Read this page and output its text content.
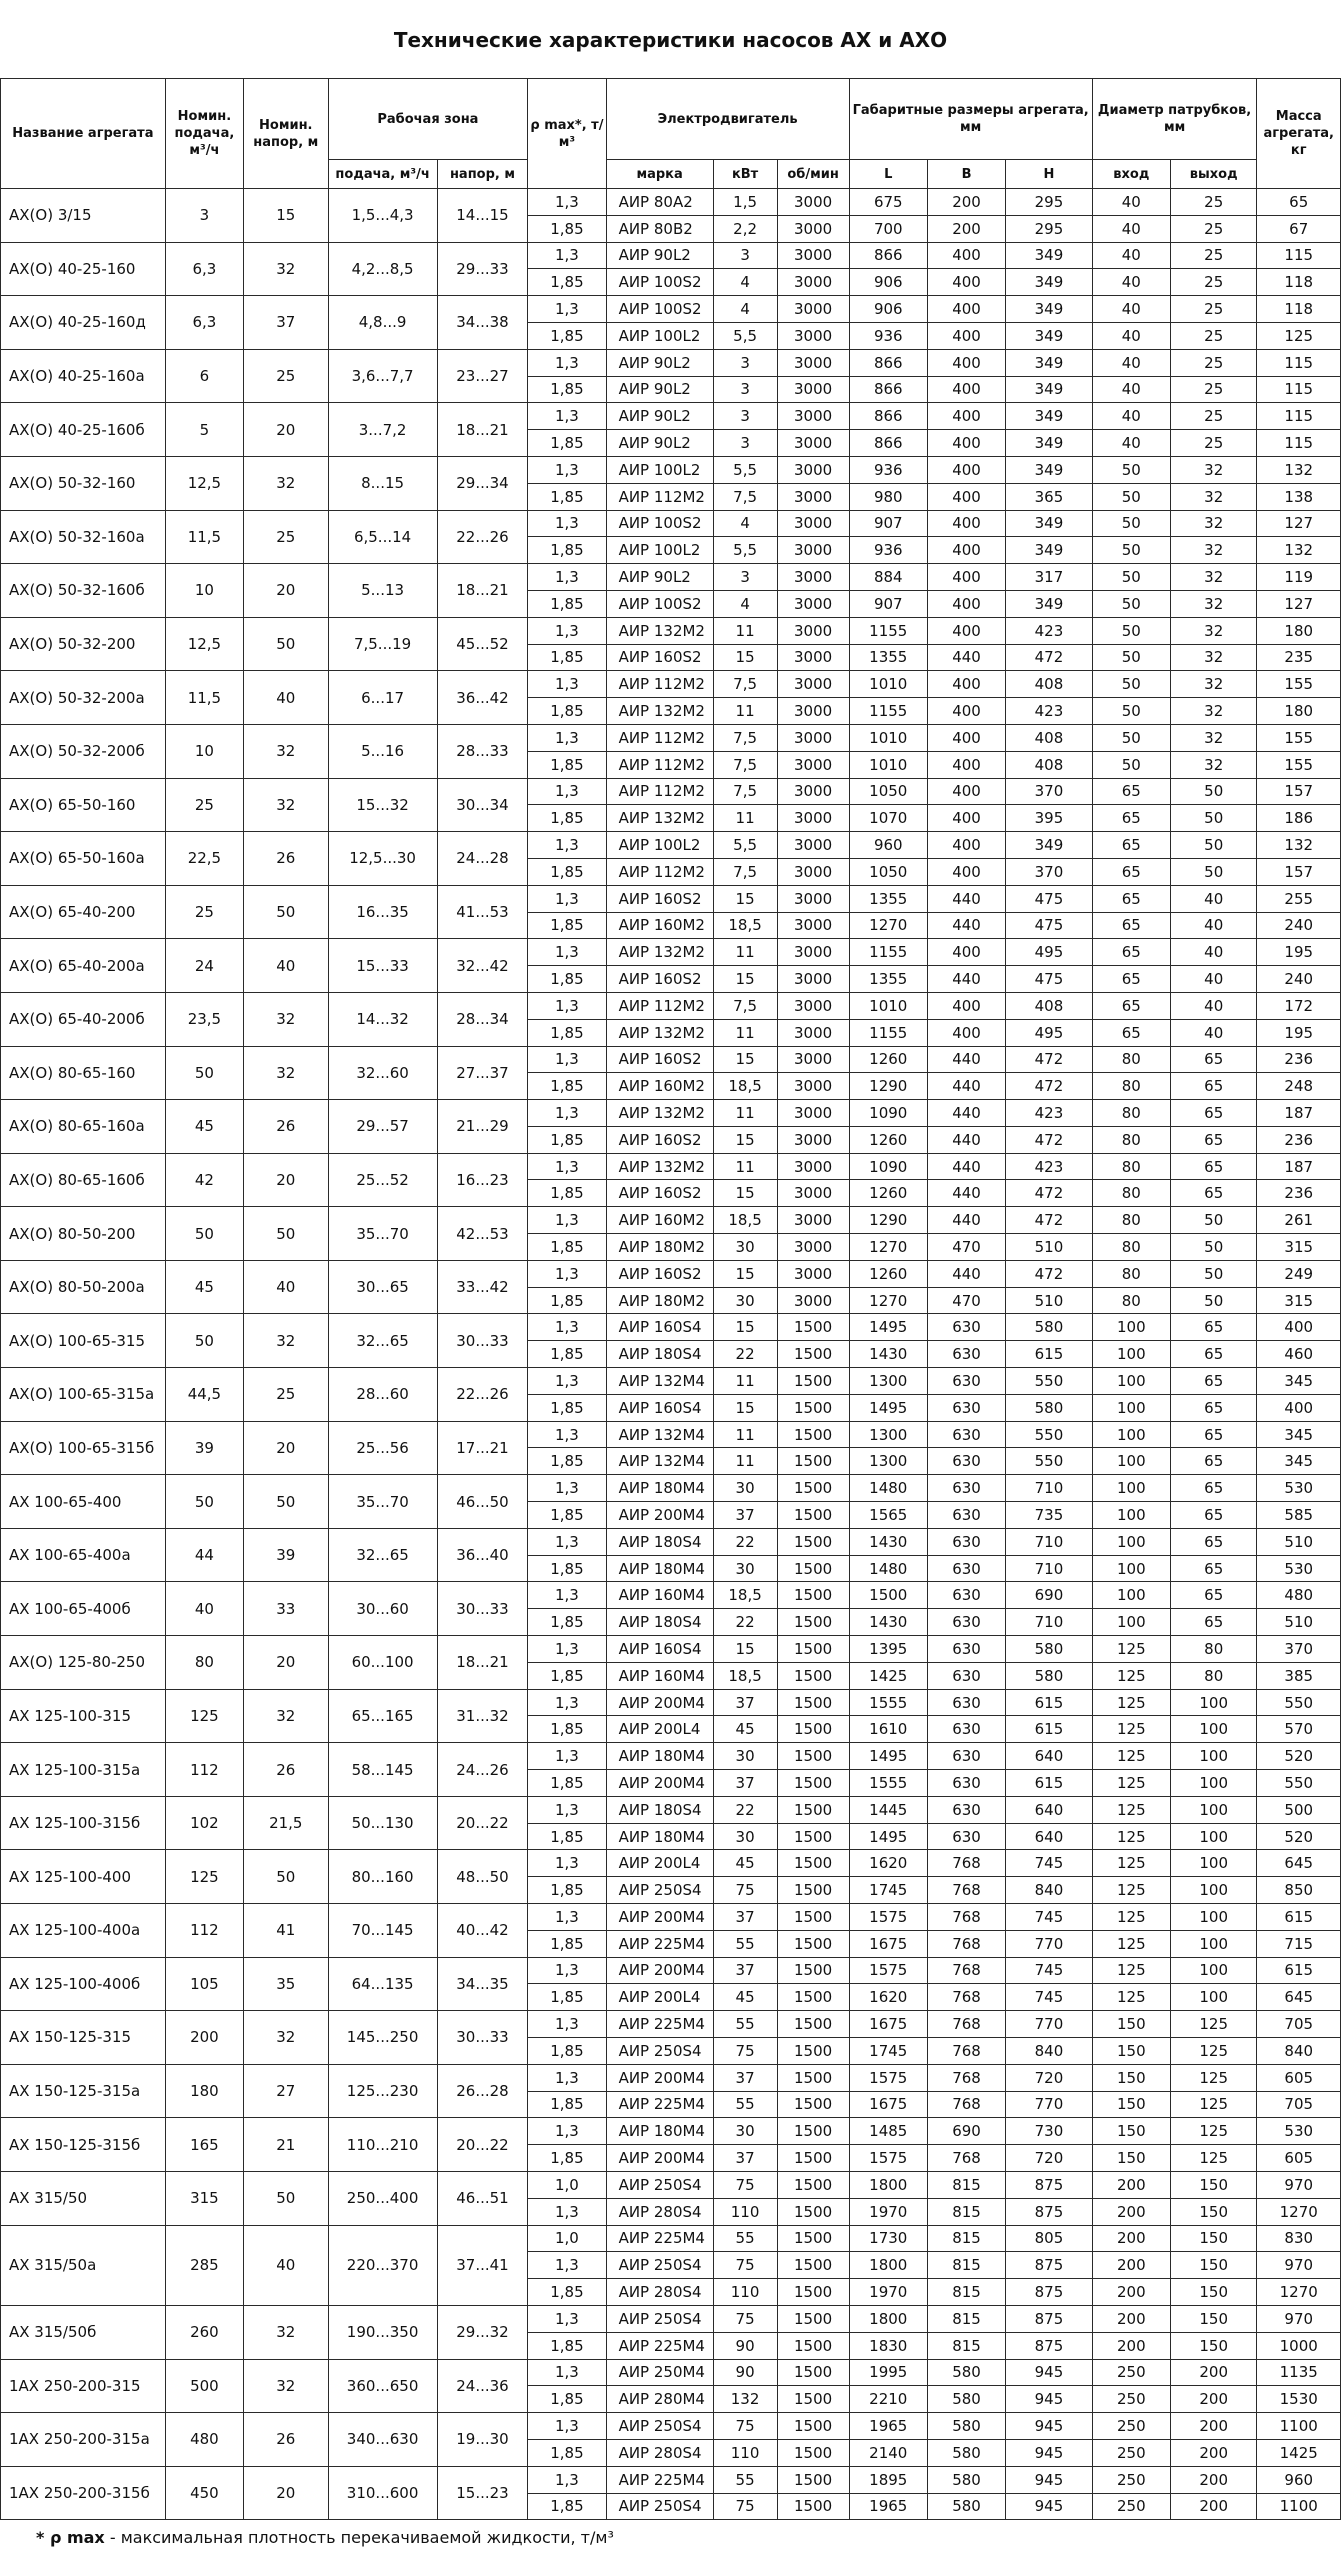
Технические характеристики насосов АХ и АХО
Название агрегата	Номин. подача, м³/ч	Номин. напор, м	Рабочая зона		ρ max*, т/м³	Электродвигатель			Габаритные размеры агрегата, мм			Диаметр патрубков, мм		Масса агрегата, кг
			подача, м³/ч	напор, м		марка	кВт	об/мин	L	B	H	вход	выход	
АХ(О) 3/15	3	15	1,5...4,3	14...15	1,3	АИР 80А2	1,5	3000	675	200	295	40	25	65
					1,85	АИР 80В2	2,2	3000	700	200	295	40	25	67
АХ(О) 40-25-160	6,3	32	4,2...8,5	29...33	1,3	АИР 90L2	3	3000	866	400	349	40	25	115
					1,85	АИР 100S2	4	3000	906	400	349	40	25	118
АХ(О) 40-25-160д	6,3	37	4,8...9	34...38	1,3	АИР 100S2	4	3000	906	400	349	40	25	118
					1,85	АИР 100L2	5,5	3000	936	400	349	40	25	125
АХ(О) 40-25-160а	6	25	3,6...7,7	23...27	1,3	АИР 90L2	3	3000	866	400	349	40	25	115
					1,85	АИР 90L2	3	3000	866	400	349	40	25	115
АХ(О) 40-25-160б	5	20	3...7,2	18...21	1,3	АИР 90L2	3	3000	866	400	349	40	25	115
					1,85	АИР 90L2	3	3000	866	400	349	40	25	115
АХ(О) 50-32-160	12,5	32	8...15	29...34	1,3	АИР 100L2	5,5	3000	936	400	349	50	32	132
					1,85	АИР 112М2	7,5	3000	980	400	365	50	32	138
АХ(О) 50-32-160а	11,5	25	6,5...14	22...26	1,3	АИР 100S2	4	3000	907	400	349	50	32	127
					1,85	АИР 100L2	5,5	3000	936	400	349	50	32	132
АХ(О) 50-32-160б	10	20	5...13	18...21	1,3	АИР 90L2	3	3000	884	400	317	50	32	119
					1,85	АИР 100S2	4	3000	907	400	349	50	32	127
АХ(О) 50-32-200	12,5	50	7,5...19	45...52	1,3	АИР 132М2	11	3000	1155	400	423	50	32	180
					1,85	АИР 160S2	15	3000	1355	440	472	50	32	235
АХ(О) 50-32-200а	11,5	40	6...17	36...42	1,3	АИР 112М2	7,5	3000	1010	400	408	50	32	155
					1,85	АИР 132М2	11	3000	1155	400	423	50	32	180
АХ(О) 50-32-200б	10	32	5...16	28...33	1,3	АИР 112М2	7,5	3000	1010	400	408	50	32	155
					1,85	АИР 112М2	7,5	3000	1010	400	408	50	32	155
АХ(О) 65-50-160	25	32	15...32	30...34	1,3	АИР 112М2	7,5	3000	1050	400	370	65	50	157
					1,85	АИР 132М2	11	3000	1070	400	395	65	50	186
АХ(О) 65-50-160а	22,5	26	12,5...30	24...28	1,3	АИР 100L2	5,5	3000	960	400	349	65	50	132
					1,85	АИР 112М2	7,5	3000	1050	400	370	65	50	157
АХ(О) 65-40-200	25	50	16...35	41...53	1,3	АИР 160S2	15	3000	1355	440	475	65	40	255
					1,85	АИР 160М2	18,5	3000	1270	440	475	65	40	240
АХ(О) 65-40-200а	24	40	15...33	32...42	1,3	АИР 132М2	11	3000	1155	400	495	65	40	195
					1,85	АИР 160S2	15	3000	1355	440	475	65	40	240
АХ(О) 65-40-200б	23,5	32	14...32	28...34	1,3	АИР 112М2	7,5	3000	1010	400	408	65	40	172
					1,85	АИР 132М2	11	3000	1155	400	495	65	40	195
АХ(О) 80-65-160	50	32	32...60	27...37	1,3	АИР 160S2	15	3000	1260	440	472	80	65	236
					1,85	АИР 160М2	18,5	3000	1290	440	472	80	65	248
АХ(О) 80-65-160а	45	26	29...57	21...29	1,3	АИР 132М2	11	3000	1090	440	423	80	65	187
					1,85	АИР 160S2	15	3000	1260	440	472	80	65	236
АХ(О) 80-65-160б	42	20	25...52	16...23	1,3	АИР 132М2	11	3000	1090	440	423	80	65	187
					1,85	АИР 160S2	15	3000	1260	440	472	80	65	236
АХ(О) 80-50-200	50	50	35...70	42...53	1,3	АИР 160М2	18,5	3000	1290	440	472	80	50	261
					1,85	АИР 180М2	30	3000	1270	470	510	80	50	315
АХ(О) 80-50-200а	45	40	30...65	33...42	1,3	АИР 160S2	15	3000	1260	440	472	80	50	249
					1,85	АИР 180М2	30	3000	1270	470	510	80	50	315
АХ(О) 100-65-315	50	32	32...65	30...33	1,3	АИР 160S4	15	1500	1495	630	580	100	65	400
					1,85	АИР 180S4	22	1500	1430	630	615	100	65	460
АХ(О) 100-65-315а	44,5	25	28...60	22...26	1,3	АИР 132М4	11	1500	1300	630	550	100	65	345
					1,85	АИР 160S4	15	1500	1495	630	580	100	65	400
АХ(О) 100-65-315б	39	20	25...56	17...21	1,3	АИР 132М4	11	1500	1300	630	550	100	65	345
					1,85	АИР 132М4	11	1500	1300	630	550	100	65	345
АХ 100-65-400	50	50	35...70	46...50	1,3	АИР 180М4	30	1500	1480	630	710	100	65	530
					1,85	АИР 200М4	37	1500	1565	630	735	100	65	585
АХ 100-65-400а	44	39	32...65	36...40	1,3	АИР 180S4	22	1500	1430	630	710	100	65	510
					1,85	АИР 180М4	30	1500	1480	630	710	100	65	530
АХ 100-65-400б	40	33	30...60	30...33	1,3	АИР 160М4	18,5	1500	1500	630	690	100	65	480
					1,85	АИР 180S4	22	1500	1430	630	710	100	65	510
АХ(О) 125-80-250	80	20	60...100	18...21	1,3	АИР 160S4	15	1500	1395	630	580	125	80	370
					1,85	АИР 160М4	18,5	1500	1425	630	580	125	80	385
АХ 125-100-315	125	32	65...165	31...32	1,3	АИР 200М4	37	1500	1555	630	615	125	100	550
					1,85	АИР 200L4	45	1500	1610	630	615	125	100	570
АХ 125-100-315а	112	26	58...145	24...26	1,3	АИР 180М4	30	1500	1495	630	640	125	100	520
					1,85	АИР 200М4	37	1500	1555	630	615	125	100	550
АХ 125-100-315б	102	21,5	50...130	20...22	1,3	АИР 180S4	22	1500	1445	630	640	125	100	500
					1,85	АИР 180М4	30	1500	1495	630	640	125	100	520
АХ 125-100-400	125	50	80...160	48...50	1,3	АИР 200L4	45	1500	1620	768	745	125	100	645
					1,85	АИР 250S4	75	1500	1745	768	840	125	100	850
АХ 125-100-400а	112	41	70...145	40...42	1,3	АИР 200М4	37	1500	1575	768	745	125	100	615
					1,85	АИР 225М4	55	1500	1675	768	770	125	100	715
АХ 125-100-400б	105	35	64...135	34...35	1,3	АИР 200М4	37	1500	1575	768	745	125	100	615
					1,85	АИР 200L4	45	1500	1620	768	745	125	100	645
АХ 150-125-315	200	32	145...250	30...33	1,3	АИР 225М4	55	1500	1675	768	770	150	125	705
					1,85	АИР 250S4	75	1500	1745	768	840	150	125	840
АХ 150-125-315а	180	27	125...230	26...28	1,3	АИР 200М4	37	1500	1575	768	720	150	125	605
					1,85	АИР 225М4	55	1500	1675	768	770	150	125	705
АХ 150-125-315б	165	21	110...210	20...22	1,3	АИР 180М4	30	1500	1485	690	730	150	125	530
					1,85	АИР 200М4	37	1500	1575	768	720	150	125	605
АХ 315/50	315	50	250...400	46...51	1,0	АИР 250S4	75	1500	1800	815	875	200	150	970
					1,3	АИР 280S4	110	1500	1970	815	875	200	150	1270
АХ 315/50а	285	40	220...370	37...41	1,0	АИР 225М4	55	1500	1730	815	805	200	150	830
					1,3	АИР 250S4	75	1500	1800	815	875	200	150	970
					1,85	АИР 280S4	110	1500	1970	815	875	200	150	1270
АХ 315/50б	260	32	190...350	29...32	1,3	АИР 250S4	75	1500	1800	815	875	200	150	970
					1,85	АИР 225М4	90	1500	1830	815	875	200	150	1000
1АХ 250-200-315	500	32	360...650	24...36	1,3	АИР 250М4	90	1500	1995	580	945	250	200	1135
					1,85	АИР 280М4	132	1500	2210	580	945	250	200	1530
1АХ 250-200-315а	480	26	340...630	19...30	1,3	АИР 250S4	75	1500	1965	580	945	250	200	1100
					1,85	АИР 280S4	110	1500	2140	580	945	250	200	1425
1АХ 250-200-315б	450	20	310...600	15...23	1,3	АИР 225М4	55	1500	1895	580	945	250	200	960
					1,85	АИР 250S4	75	1500	1965	580	945	250	200	1100
* ρ max - максимальная плотность перекачиваемой жидкости, т/м³
